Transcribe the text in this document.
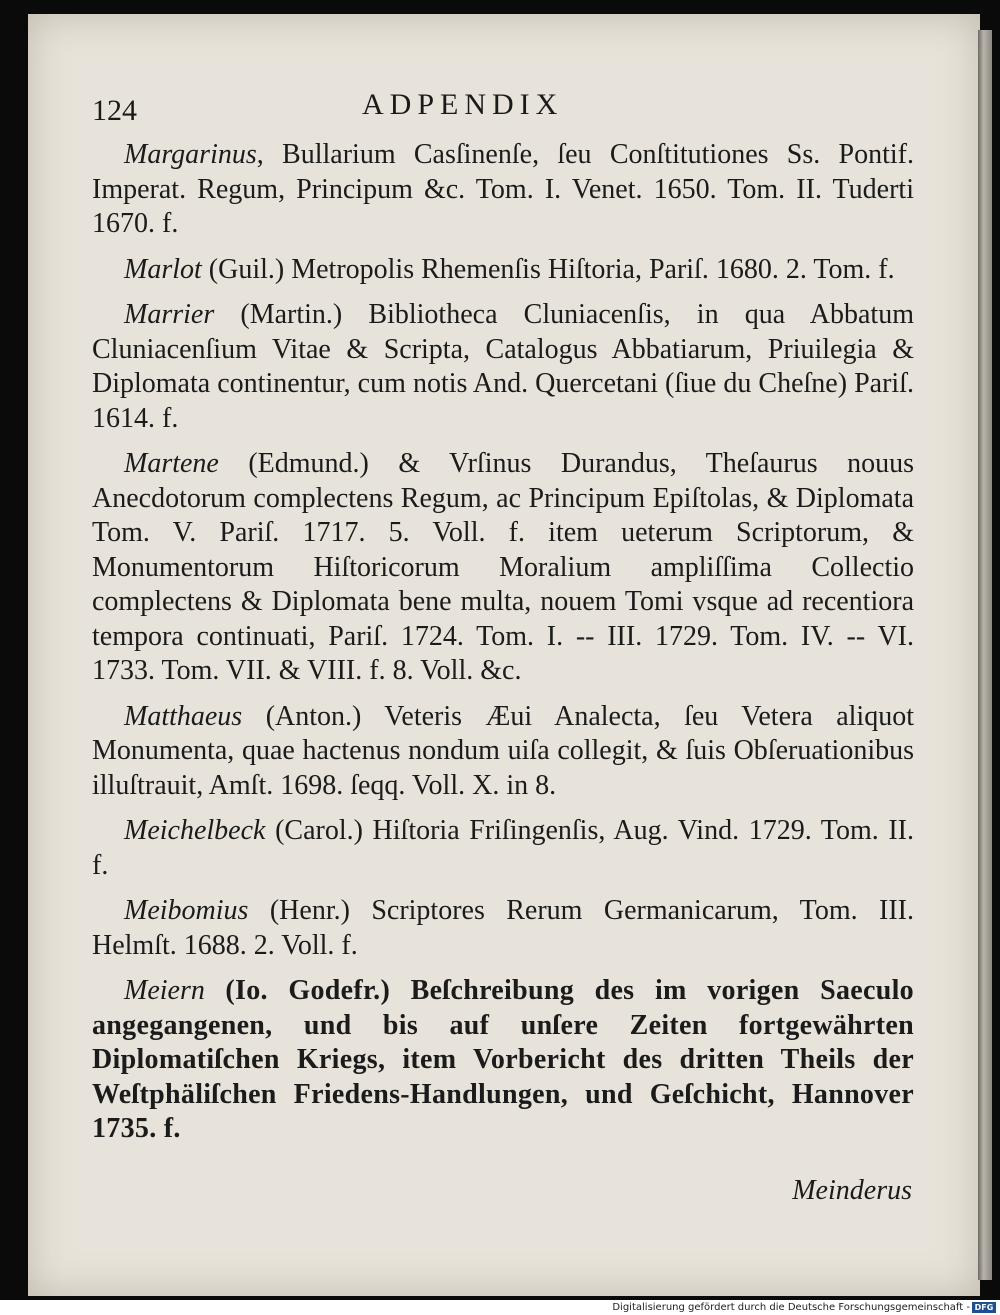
124	ADPENDIX

Margarinus, Bullarium Casſinenſe, ſeu Conſtitutiones Ss. Pontif. Imperat. Regum, Principum &c. Tom. I. Venet. 1650. Tom. II. Tuderti 1670. f.

Marlot (Guil.) Metropolis Rhemenſis Hiſtoria, Pariſ. 1680. 2. Tom. f.

Marrier (Martin.) Bibliotheca Cluniacenſis, in qua Abbatum Cluniacenſium Vitae & Scripta, Catalogus Abbatiarum, Priuilegia & Diplomata continentur, cum notis And. Quercetani (ſiue du Cheſne) Pariſ. 1614. f.

Martene (Edmund.) & Vrſinus Durandus, Theſaurus nouus Anecdotorum complectens Regum, ac Principum Epiſtolas, & Diplomata Tom. V. Pariſ. 1717. 5. Voll. f. item ueterum Scriptorum, & Monumentorum Hiſtoricorum Moralium ampliſſima Collectio complectens & Diplomata bene multa, nouem Tomi vsque ad recentiora tempora continuati, Pariſ. 1724. Tom. I. -- III. 1729. Tom. IV. -- VI. 1733. Tom. VII. & VIII. f. 8. Voll. &c.

Matthaeus (Anton.) Veteris Æui Analecta, ſeu Vetera aliquot Monumenta, quae hactenus nondum uiſa collegit, & ſuis Obſeruationibus illuſtrauit, Amſt. 1698. ſeqq. Voll. X. in 8.

Meichelbeck (Carol.) Hiſtoria Friſingenſis, Aug. Vind. 1729. Tom. II. f.

Meibomius (Henr.) Scriptores Rerum Germanicarum, Tom. III. Helmſt. 1688. 2. Voll. f.

Meiern (Io. Godefr.) Beſchreibung des im vorigen Saeculo angegangenen, und bis auf unſere Zeiten fortgewährten Diplomatiſchen Kriegs, item Vorbericht des dritten Theils der Weſtphäliſchen Friedens-Handlungen, und Geſchicht, Hannover 1735. f.

Meinderus
Digitalisierung gefördert durch die Deutsche Forschungsgemeinschaft - DFG
